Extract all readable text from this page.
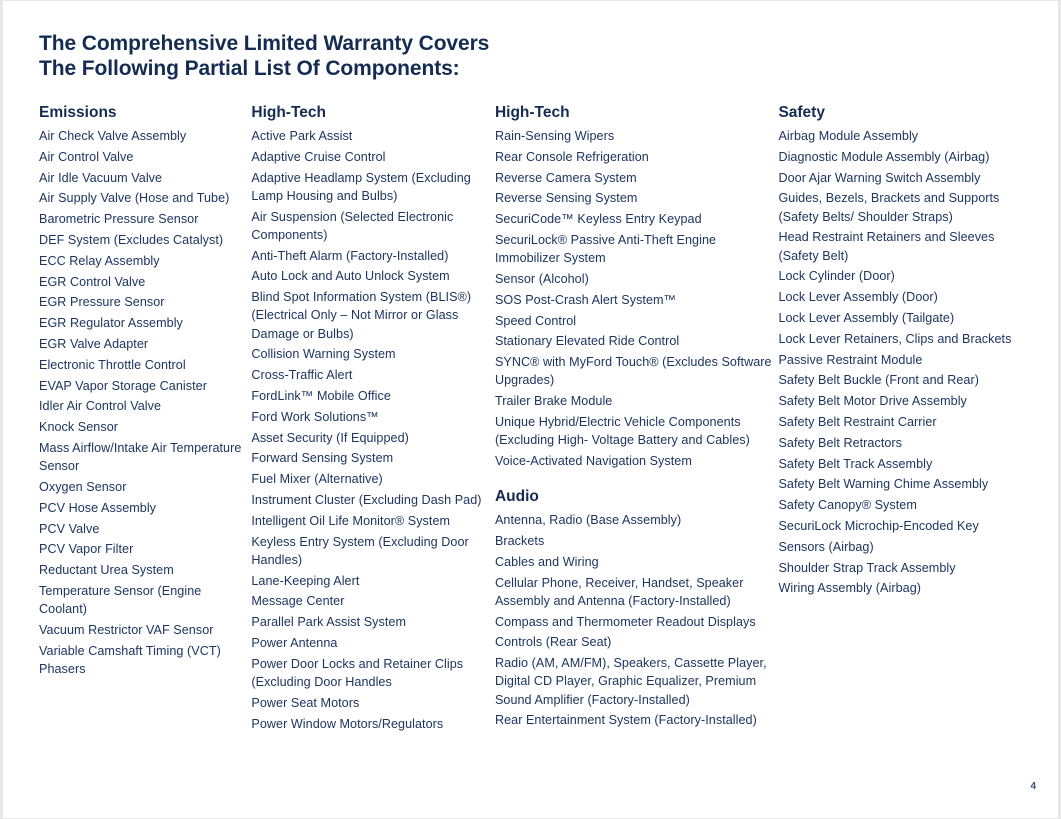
The Comprehensive Limited Warranty Covers
The Following Partial List Of Components:
Emissions
Air Check Valve Assembly
Air Control Valve
Air Idle Vacuum Valve
Air Supply Valve (Hose and Tube)
Barometric Pressure Sensor
DEF System (Excludes Catalyst)
ECC Relay Assembly
EGR Control Valve
EGR Pressure Sensor
EGR Regulator Assembly
EGR Valve Adapter
Electronic Throttle Control
EVAP Vapor Storage Canister
Idler Air Control Valve
Knock Sensor
Mass Airflow/Intake Air Temperature Sensor
Oxygen Sensor
PCV Hose Assembly
PCV Valve
PCV Vapor Filter
Reductant Urea System
Temperature Sensor (Engine Coolant)
Vacuum Restrictor VAF Sensor
Variable Camshaft Timing (VCT) Phasers
High-Tech
Active Park Assist
Adaptive Cruise Control
Adaptive Headlamp System (Excluding Lamp Housing and Bulbs)
Air Suspension (Selected Electronic Components)
Anti-Theft Alarm (Factory-Installed)
Auto Lock and Auto Unlock System
Blind Spot Information System (BLIS®) (Electrical Only – Not Mirror or Glass Damage or Bulbs)
Collision Warning System
Cross-Traffic Alert
FordLink™ Mobile Office
Ford Work Solutions™
Asset Security (If Equipped)
Forward Sensing System
Fuel Mixer (Alternative)
Instrument Cluster (Excluding Dash Pad)
Intelligent Oil Life Monitor® System
Keyless Entry System (Excluding Door Handles)
Lane-Keeping Alert
Message Center
Parallel Park Assist System
Power Antenna
Power Door Locks and Retainer Clips (Excluding Door Handles
Power Seat Motors
Power Window Motors/Regulators
High-Tech
Rain-Sensing Wipers
Rear Console Refrigeration
Reverse Camera System
Reverse Sensing System
SecuriCode™ Keyless Entry Keypad
SecuriLock® Passive Anti-Theft Engine Immobilizer System
Sensor (Alcohol)
SOS Post-Crash Alert System™
Speed Control
Stationary Elevated Ride Control
SYNC® with MyFord Touch® (Excludes Software Upgrades)
Trailer Brake Module
Unique Hybrid/Electric Vehicle Components (Excluding High- Voltage Battery and Cables)
Voice-Activated Navigation System
Audio
Antenna, Radio (Base Assembly)
Brackets
Cables and Wiring
Cellular Phone, Receiver, Handset, Speaker Assembly and Antenna (Factory-Installed)
Compass and Thermometer Readout Displays
Controls (Rear Seat)
Radio (AM, AM/FM), Speakers, Cassette Player, Digital CD Player, Graphic Equalizer, Premium Sound Amplifier (Factory-Installed)
Rear Entertainment System (Factory-Installed)
Safety
Airbag Module Assembly
Diagnostic Module Assembly (Airbag)
Door Ajar Warning Switch Assembly
Guides, Bezels, Brackets and Supports (Safety Belts/ Shoulder Straps)
Head Restraint Retainers and Sleeves (Safety Belt)
Lock Cylinder (Door)
Lock Lever Assembly (Door)
Lock Lever Assembly (Tailgate)
Lock Lever Retainers, Clips and Brackets
Passive Restraint Module
Safety Belt Buckle (Front and Rear)
Safety Belt Motor Drive Assembly
Safety Belt Restraint Carrier
Safety Belt Retractors
Safety Belt Track Assembly
Safety Belt Warning Chime Assembly
Safety Canopy® System
SecuriLock Microchip-Encoded Key
Sensors (Airbag)
Shoulder Strap Track Assembly
Wiring Assembly (Airbag)
4
